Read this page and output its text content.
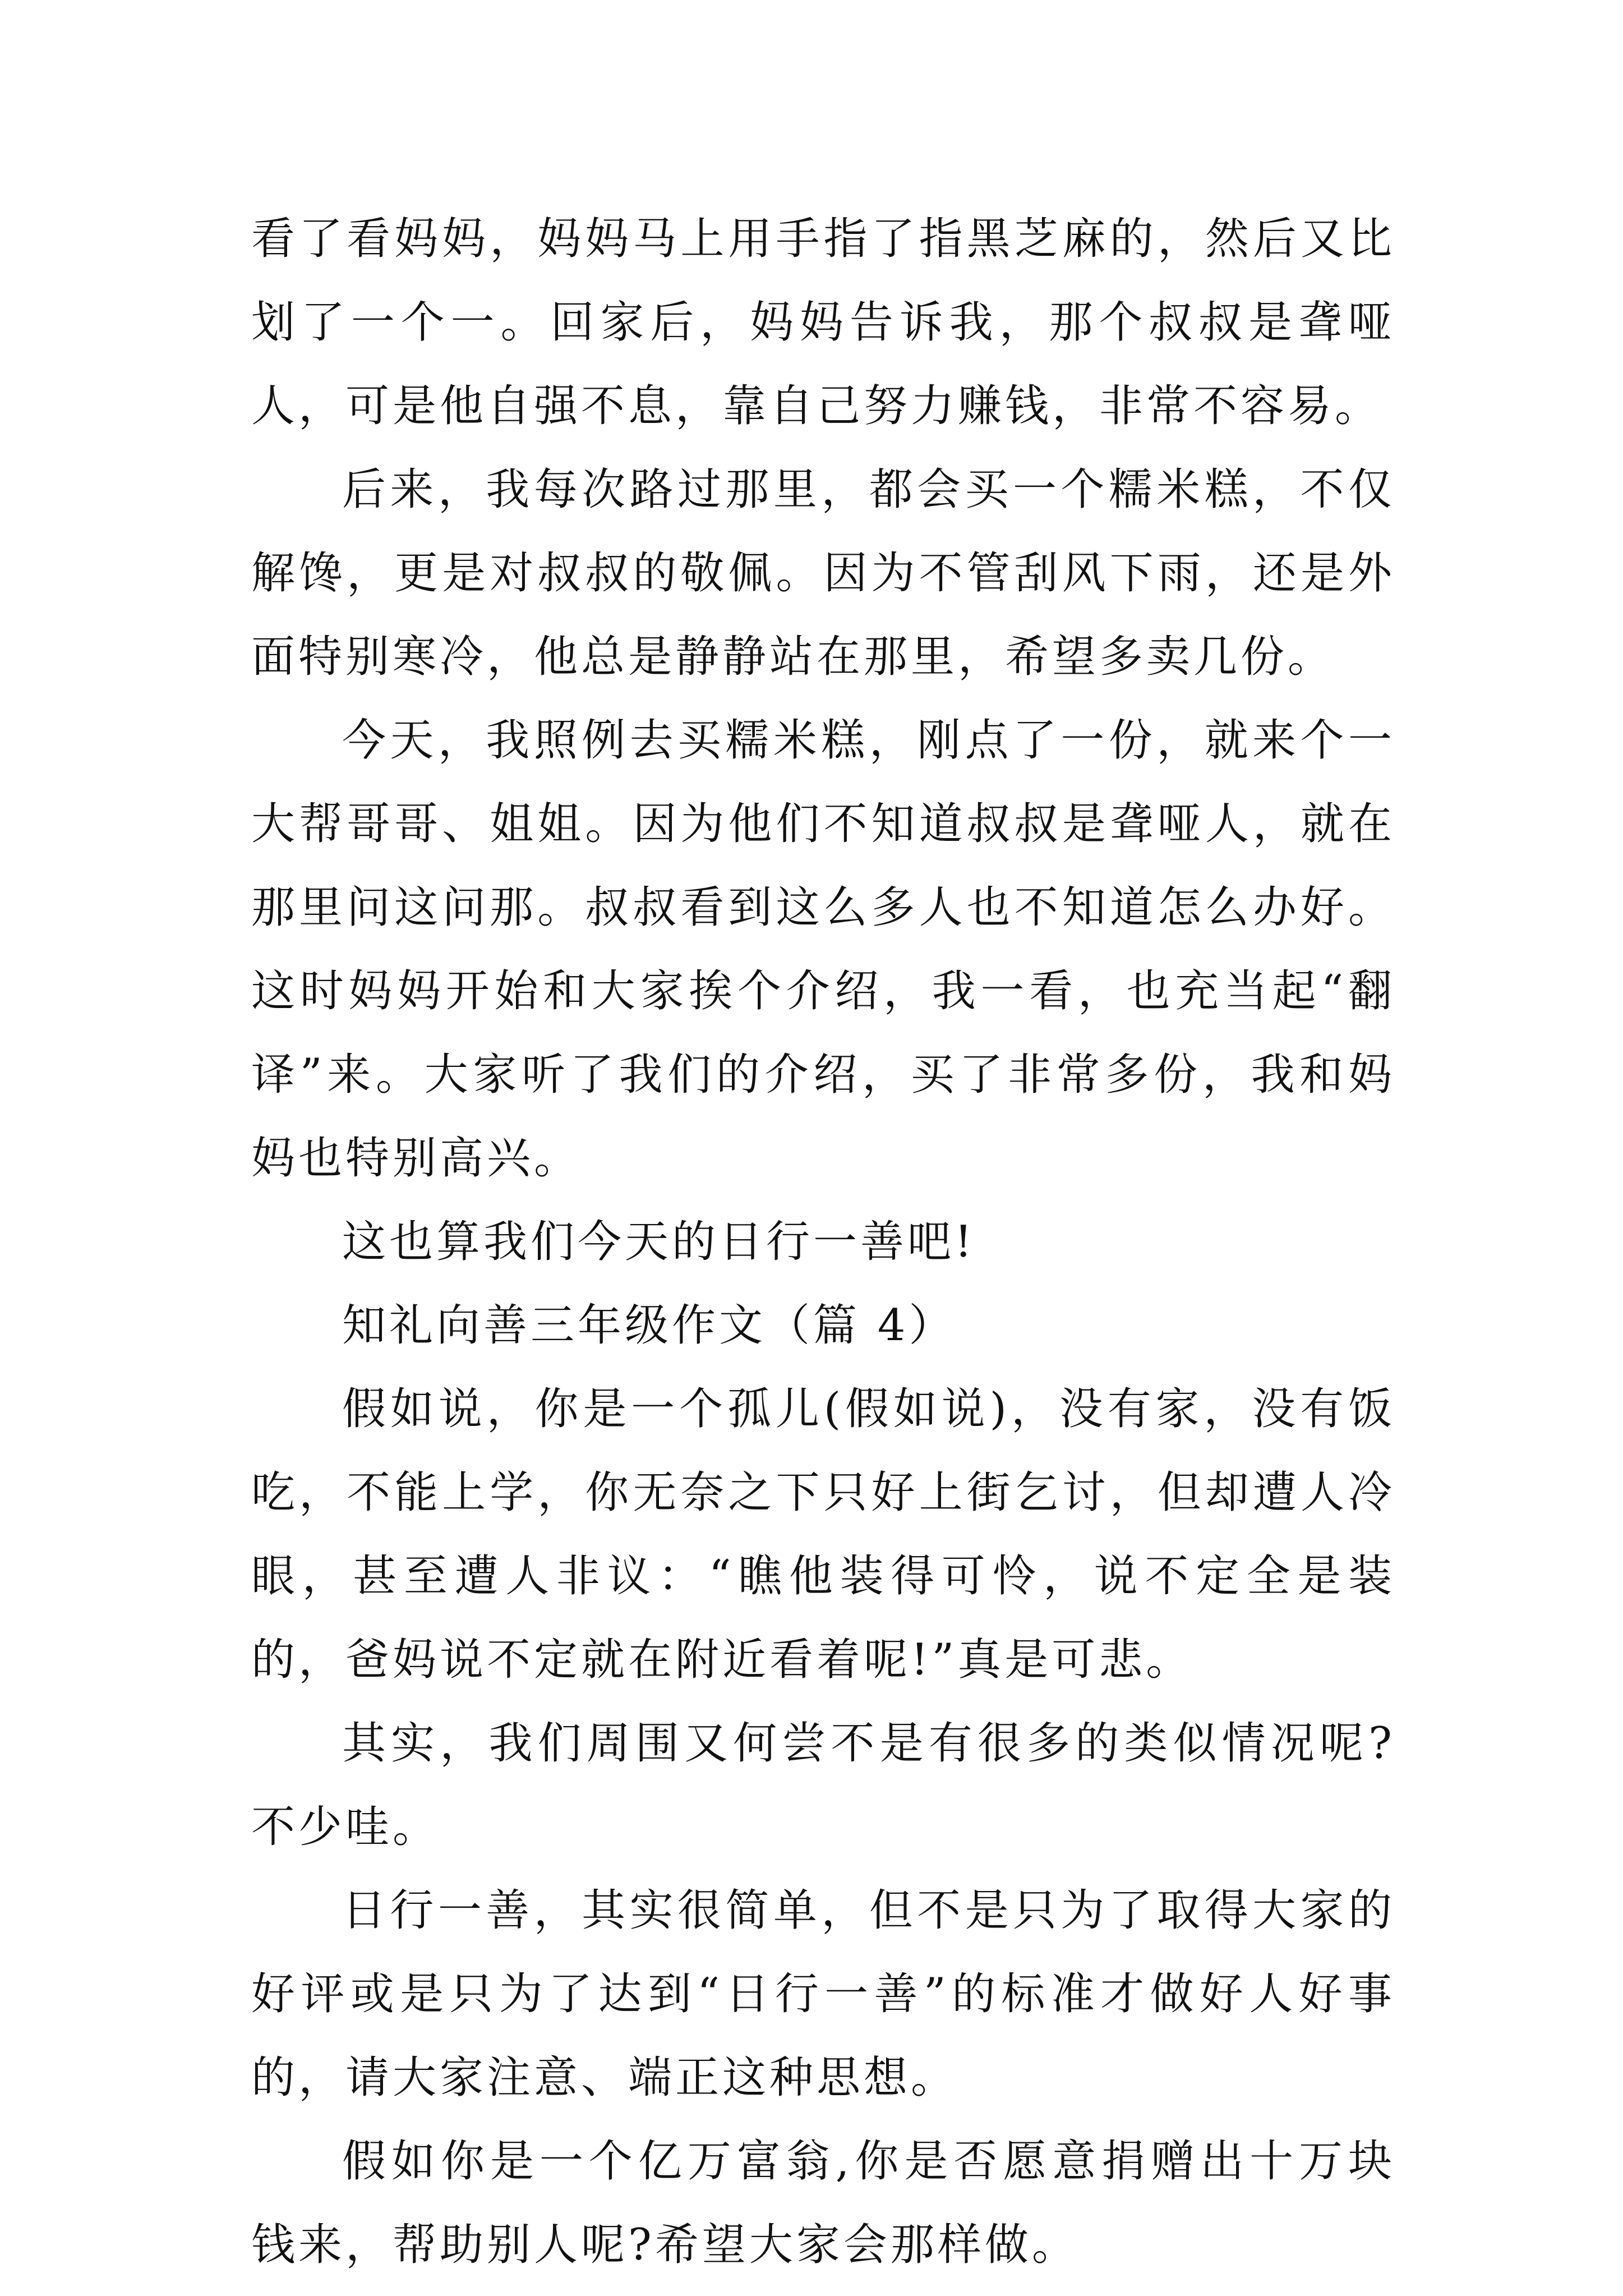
看了看妈妈，妈妈马上用手指了指黑芝麻的，然后又比划了一个一。回家后，妈妈告诉我，那个叔叔是聋哑人，可是他自强不息，靠自己努力赚钱，非常不容易。

后来，我每次路过那里，都会买一个糯米糕，不仅解馋，更是对叔叔的敬佩。因为不管刮风下雨，还是外面特别寒冷，他总是静静站在那里，希望多卖几份。

今天，我照例去买糯米糕，刚点了一份，就来个一大帮哥哥、姐姐。因为他们不知道叔叔是聋哑人，就在那里问这问那。叔叔看到这么多人也不知道怎么办好。这时妈妈开始和大家挨个介绍，我一看，也充当起“翻译”来。大家听了我们的介绍，买了非常多份，我和妈妈也特别高兴。

这也算我们今天的日行一善吧!

知礼向善三年级作文（篇 4）

假如说，你是一个孤儿(假如说)，没有家，没有饭吃，不能上学，你无奈之下只好上街乞讨，但却遭人冷眼，甚至遭人非议：“瞧他装得可怜，说不定全是装的，爸妈说不定就在附近看着呢!”真是可悲。

其实，我们周围又何尝不是有很多的类似情况呢?不少哇。

日行一善，其实很简单，但不是只为了取得大家的好评或是只为了达到“日行一善”的标准才做好人好事的，请大家注意、端正这种思想。

假如你是一个亿万富翁,你是否愿意捐赠出十万块钱来，帮助别人呢?希望大家会那样做。
